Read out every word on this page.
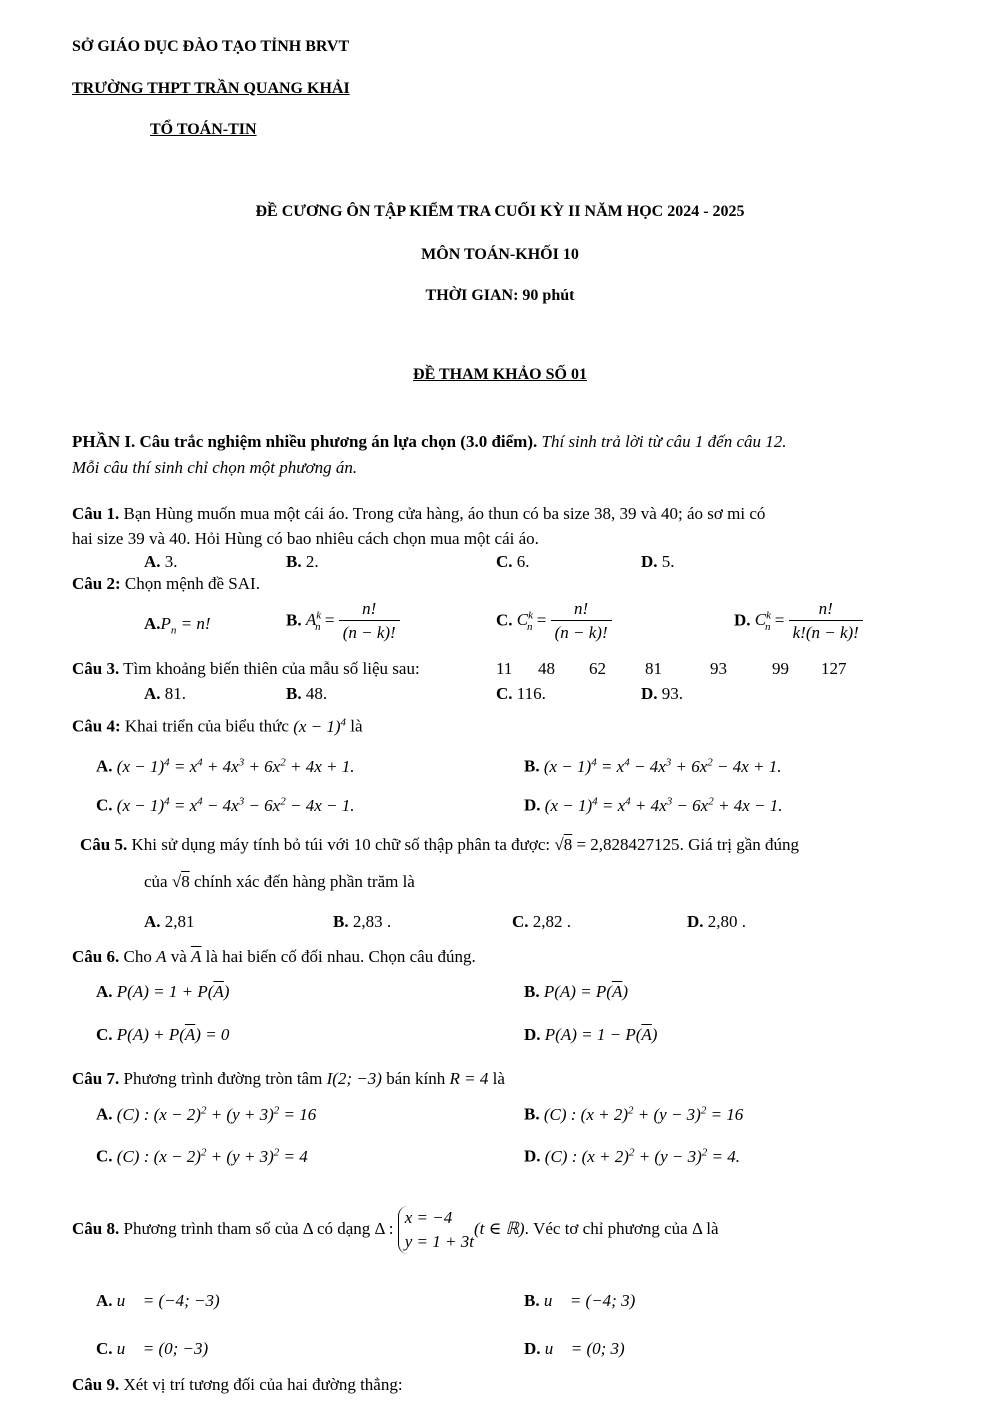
SỞ GIÁO DỤC ĐÀO TẠO TỈNH BRVT
TRƯỜNG THPT TRẦN QUANG KHẢI
TỔ TOÁN-TIN
ĐỀ CƯƠNG ÔN TẬP KIỂM TRA CUỐI KỲ II NĂM HỌC 2024 - 2025
MÔN TOÁN-KHỐI 10
THỜI GIAN: 90 phút
ĐỀ THAM KHẢO SỐ 01
PHẦN I. Câu trắc nghiệm nhiều phương án lựa chọn (3.0 điểm). Thí sinh trả lời từ câu 1 đến câu 12.
Mỗi câu thí sinh chỉ chọn một phương án.
Câu 1. Bạn Hùng muốn mua một cái áo. Trong cửa hàng, áo thun có ba size 38, 39 và 40; áo sơ mi có
hai size 39 và 40. Hỏi Hùng có bao nhiêu cách chọn mua một cái áo.
A. 3.	B. 2.	C. 6.	D. 5.
Câu 2: Chọn mệnh đề SAI.
$A.P_n = n$!	B. $A^k_n = \frac{n!}{(n - k)!}$	C. $C^k_n = \frac{n!}{(n - k)!}$	D. $C^k_n = \frac{n!}{k!(n - k)!}$
Câu 3. Tìm khoảng biến thiên của mẫu số liệu sau:	11 48 62 81	93	99 127
A. 81.	B. 48.	C. 116.	D. 93.
Câu 4: Khai triển của biểu thức $(x - 1)^4$ là
A. $(x - 1)^4 = x^4 + 4x^3 + 6x^2 + 4x + 1$.	B. $(x - 1)^4 = x^4 - 4x^3 + 6x^2 - 4x + 1$.
C. $(x - 1)^4 = x^4 - 4x^3 - 6x^2 - 4x - 1$.	D. $(x - 1)^4 = x^4 + 4x^3 - 6x^2 + 4x - 1$.
Câu 5. Khi sử dụng máy tính bỏ túi với 10 chữ số thập phân ta được: √8 = 2,828427125. Giá trị gần đúng
của √8 chính xác đến hàng phần trăm là
A. 2,81	B. 2,83 .	C. 2,82 .	D. 2,80 .
Câu 6. Cho A và $\overline{A}$ là hai biến cố đối nhau. Chọn câu đúng.
A. $P(A) = 1 + P(\overline{A})$	B. $P(A) = P(\overline{A})$
C. $P(A) + P(\overline{A}) = 0$	D. $P(A) = 1 - P(\overline{A})$
Câu 7. Phương trình đường tròn tâm I(2; −3) bán kính R = 4 là
A. (C) : $(x - 2)^2 + (y + 3)^2 = 16$	B. (C) : $(x + 2)^2 + (y - 3)^2 = 16$
C. (C) : $(x - 2)^2 + (y + 3)^2 = 4$	D. (C) : $(x + 2)^2 + (y - 3)^2 = 4$.
Câu 8. Phương trình tham số của Δ có dạng Δ : x = −4
y = 1 + 3t(t ∈ ℝ). Véc tơ chỉ phương của Δ là
A. u⃗ = (−4; −3)	B. u⃗ = (−4; 3)
C. u⃗ = (0; −3)	D. u⃗ = (0; 3)
Câu 9. Xét vị trí tương đối của hai đường thẳng:
